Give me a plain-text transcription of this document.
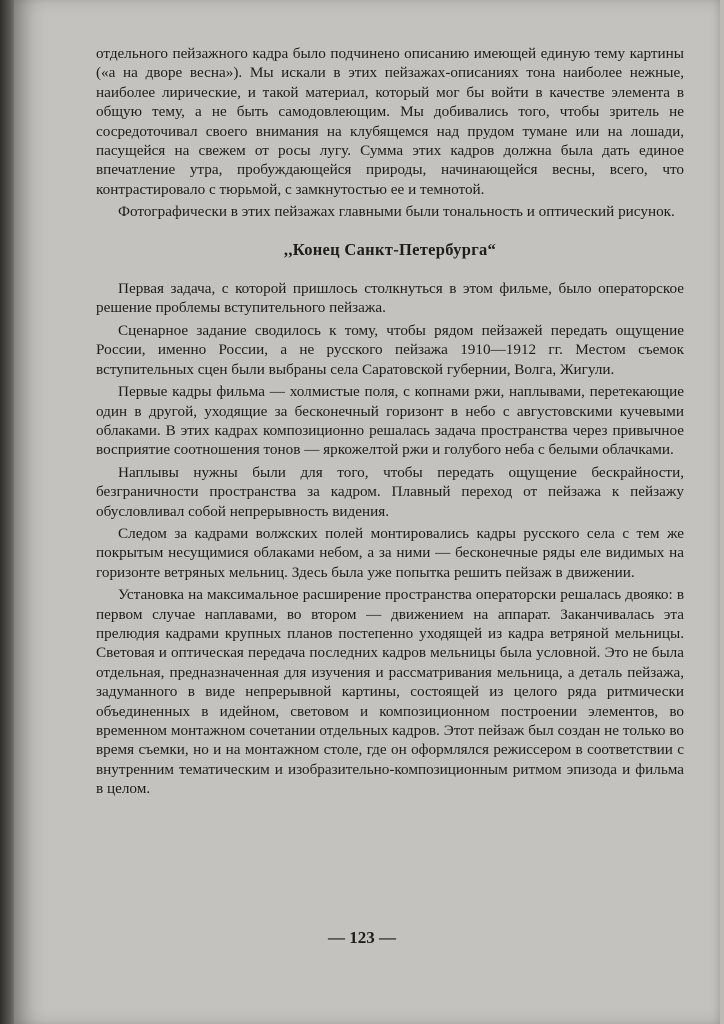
отдельного пейзажного кадра было подчинено описанию имеющей единую тему картины («а на дворе весна»). Мы искали в этих пейзажах-описаниях тона наиболее нежные, наиболее лирические, и такой материал, который мог бы войти в качестве элемента в общую тему, а не быть самодовлеющим. Мы добивались того, чтобы зритель не сосредоточивал своего внимания на клубящемся над прудом тумане или на лошади, пасущейся на свежем от росы лугу. Сумма этих кадров должна была дать единое впечатление утра, пробуждающейся природы, начинающейся весны, всего, что контрастировало с тюрьмой, с замкнутостью ее и темнотой.

Фотографически в этих пейзажах главными были тональность и оптический рисунок.

,,Конец Санкт-Петербурга“

Первая задача, с которой пришлось столкнуться в этом фильме, было операторское решение проблемы вступительного пейзажа.

Сценарное задание сводилось к тому, чтобы рядом пейзажей передать ощущение России, именно России, а не русского пейзажа 1910—1912 гг. Местом съемок вступительных сцен были выбраны села Саратовской губернии, Волга, Жигули.

Первые кадры фильма — холмистые поля, с копнами ржи, наплывами, перетекающие один в другой, уходящие за бесконечный горизонт в небо с августовскими кучевыми облаками. В этих кадрах композиционно решалась задача пространства через привычное восприятие соотношения тонов — яркожелтой ржи и голубого неба с белыми облачками.

Наплывы нужны были для того, чтобы передать ощущение бескрайности, безграничности пространства за кадром. Плавный переход от пейзажа к пейзажу обусловливал собой непрерывность видения.

Следом за кадрами волжских полей монтировались кадры русского села с тем же покрытым несущимися облаками небом, а за ними — бесконечные ряды еле видимых на горизонте ветряных мельниц. Здесь была уже попытка решить пейзаж в движении.

Установка на максимальное расширение пространства операторски решалась двояко: в первом случае наплавами, во втором — движением на аппарат. Заканчивалась эта прелюдия кадрами крупных планов постепенно уходящей из кадра ветряной мельницы. Световая и оптическая передача последних кадров мельницы была условной. Это не была отдельная, предназначенная для изучения и рассматривания мельница, а деталь пейзажа, задуманного в виде непрерывной картины, состоящей из целого ряда ритмически объединенных в идейном, световом и композиционном построении элементов, во временном монтажном сочетании отдельных кадров. Этот пейзаж был создан не только во время съемки, но и на монтажном столе, где он оформлялся режиссером в соответствии с внутренним тематическим и изобразительно-композиционным ритмом эпизода и фильма в целом.

— 123 —
